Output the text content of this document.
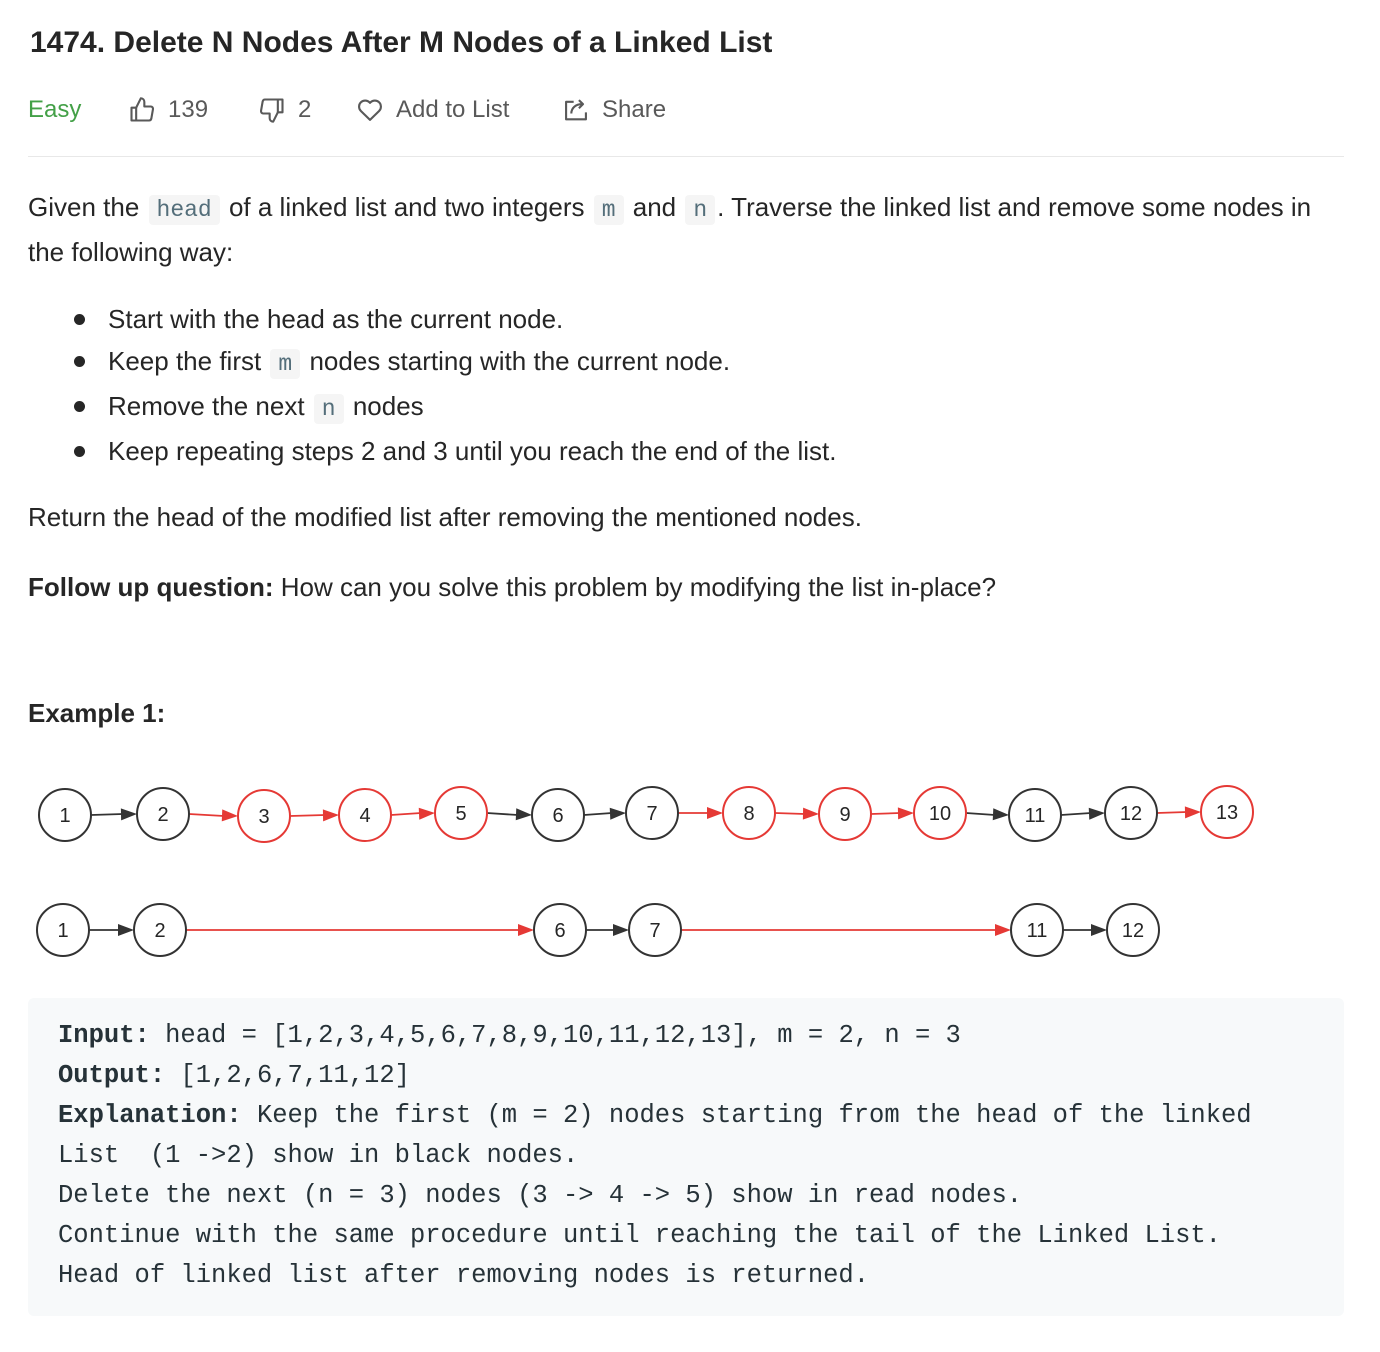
1474. Delete N Nodes After M Nodes of a Linked List
Easy	139	2	Add to List	Share
Given the head of a linked list and two integers m and n . Traverse the linked list and remove some nodes in the following way:
Start with the head as the current node.
Keep the first m nodes starting with the current node.
Remove the next n nodes
Keep repeating steps 2 and 3 until you reach the end of the list.
Return the head of the modified list after removing the mentioned nodes.
Follow up question: How can you solve this problem by modifying the list in-place?
Example 1:
1	2	3	4	5	6	7	8	9	10	11	12	13
1	2	6	7	11	12
Input: head = [1,2,3,4,5,6,7,8,9,10,11,12,13], m = 2, n = 3
Output: [1,2,6,7,11,12]
Explanation: Keep the first (m = 2) nodes starting from the head of the linked
List  (1 ->2) show in black nodes.
Delete the next (n = 3) nodes (3 -> 4 -> 5) show in read nodes.
Continue with the same procedure until reaching the tail of the Linked List.
Head of linked list after removing nodes is returned.
